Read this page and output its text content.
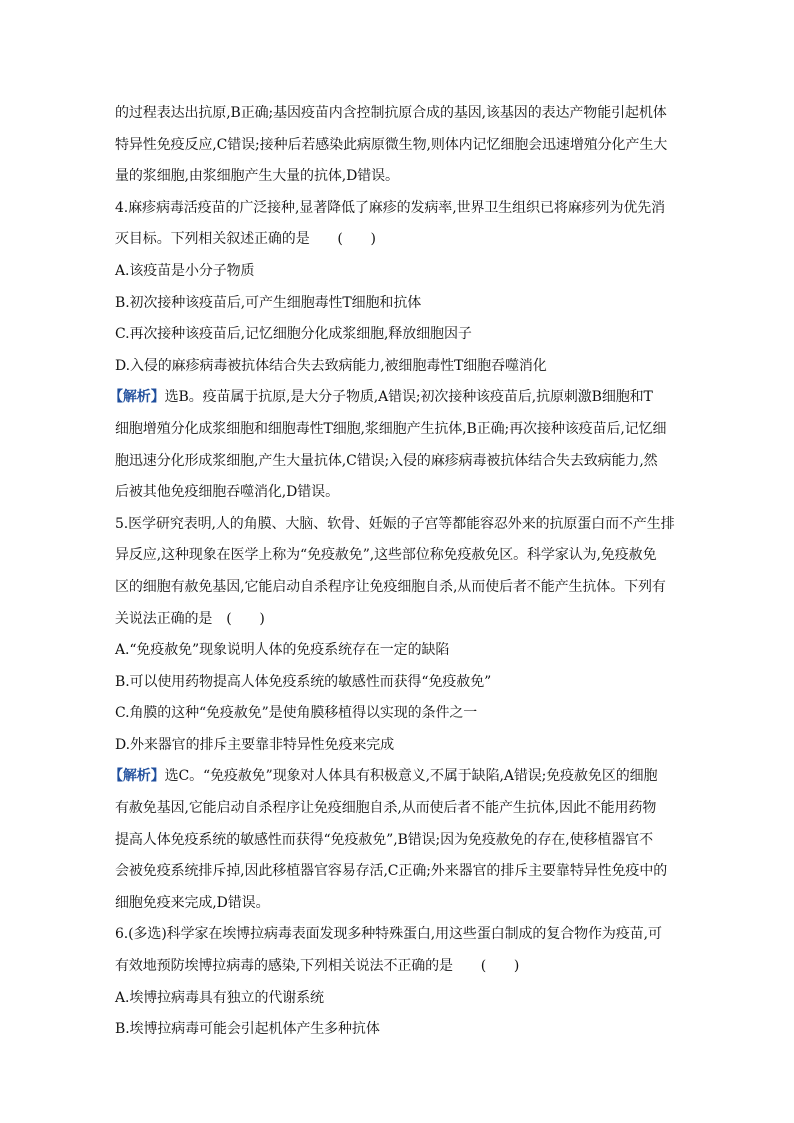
的过程表达出抗原,B正确;基因疫苗内含控制抗原合成的基因,该基因的表达产物能引起机体
特异性免疫反应,C错误;接种后若感染此病原微生物,则体内记忆细胞会迅速增殖分化产生大
量的浆细胞,由浆细胞产生大量的抗体,D错误。
4.麻疹病毒活疫苗的广泛接种,显著降低了麻疹的发病率,世界卫生组织已将麻疹列为优先消
灭目标。下列相关叙述正确的是　　(　　)
A.该疫苗是小分子物质
B.初次接种该疫苗后,可产生细胞毒性T细胞和抗体
C.再次接种该疫苗后,记忆细胞分化成浆细胞,释放细胞因子
D.入侵的麻疹病毒被抗体结合失去致病能力,被细胞毒性T细胞吞噬消化
【解析】选B。疫苗属于抗原,是大分子物质,A错误;初次接种该疫苗后,抗原刺激B细胞和T
细胞增殖分化成浆细胞和细胞毒性T细胞,浆细胞产生抗体,B正确;再次接种该疫苗后,记忆细
胞迅速分化形成浆细胞,产生大量抗体,C错误;入侵的麻疹病毒被抗体结合失去致病能力,然
后被其他免疫细胞吞噬消化,D错误。
5.医学研究表明,人的角膜、大脑、软骨、妊娠的子宫等都能容忍外来的抗原蛋白而不产生排
异反应,这种现象在医学上称为“免疫赦免”,这些部位称免疫赦免区。科学家认为,免疫赦免
区的细胞有赦免基因,它能启动自杀程序让免疫细胞自杀,从而使后者不能产生抗体。下列有
关说法正确的是　(　　)
A.“免疫赦免”现象说明人体的免疫系统存在一定的缺陷
B.可以使用药物提高人体免疫系统的敏感性而获得“免疫赦免”
C.角膜的这种“免疫赦免”是使角膜移植得以实现的条件之一
D.外来器官的排斥主要靠非特异性免疫来完成
【解析】选C。“免疫赦免”现象对人体具有积极意义,不属于缺陷,A错误;免疫赦免区的细胞
有赦免基因,它能启动自杀程序让免疫细胞自杀,从而使后者不能产生抗体,因此不能用药物
提高人体免疫系统的敏感性而获得“免疫赦免”,B错误;因为免疫赦免的存在,使移植器官不
会被免疫系统排斥掉,因此移植器官容易存活,C正确;外来器官的排斥主要靠特异性免疫中的
细胞免疫来完成,D错误。
6.(多选)科学家在埃博拉病毒表面发现多种特殊蛋白,用这些蛋白制成的复合物作为疫苗,可
有效地预防埃博拉病毒的感染,下列相关说法不正确的是　　(　　)
A.埃博拉病毒具有独立的代谢系统
B.埃博拉病毒可能会引起机体产生多种抗体
